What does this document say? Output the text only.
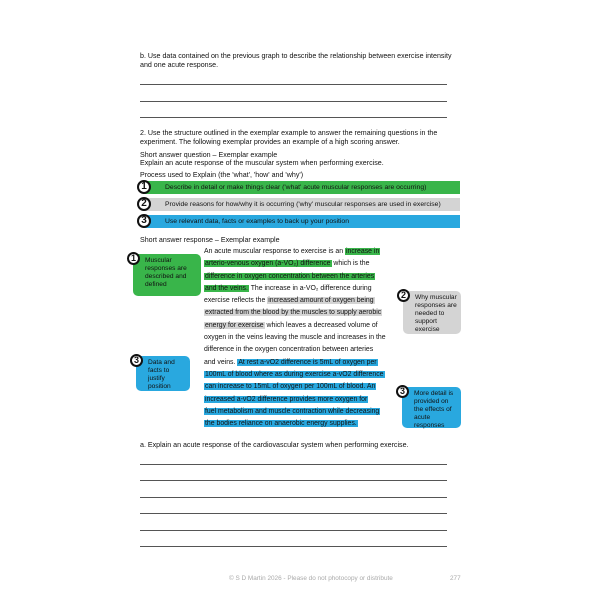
b. Use data contained on the previous graph to describe the relationship between exercise intensity
and one acute response.
2. Use the structure outlined in the exemplar example to answer the remaining questions in the
experiment. The following exemplar provides an example of a high scoring answer.
Short answer question – Exemplar example
Explain an acute response of the muscular system when performing exercise.
Process used to Explain (the 'what', 'how' and 'why')
Describe in detail or make things clear ('what' acute muscular responses are occurring)
1
Provide reasons for how/why it is occurring ('why' muscular responses are used in exercise)
2
Use relevant data, facts or examples to back up your position
3
Short answer response – Exemplar example
An acute muscular response to exercise is an increase in
arterio-venous oxygen (a-VO₂) difference which is the
difference in oxygen concentration between the arteries
and the veins. The increase in a-VO₂ difference during
exercise reflects the increased amount of oxygen being
extracted from the blood by the muscles to supply aerobic
energy for exercise which leaves a decreased volume of
oxygen in the veins leaving the muscle and increases in the
difference in the oxygen concentration between arteries
and veins. At rest a-vO2 difference is 5mL of oxygen per
100mL of blood where as during exercise a-vO2 difference
can increase to 15mL of oxygen per 100mL of blood. An
increased a-vO2 difference provides more oxygen for
fuel metabolism and muscle contraction while decreasing
the bodies reliance on anaerobic energy supplies.
Muscular responses are described and defined
1
Why muscular responses are needed to support exercise
2
Data and facts to justify position
3
More detail is provided on the effects of acute responses
3
a. Explain an acute response of the cardiovascular system when performing exercise.
© S D Martin 2026 - Please do not photocopy or distribute	277
